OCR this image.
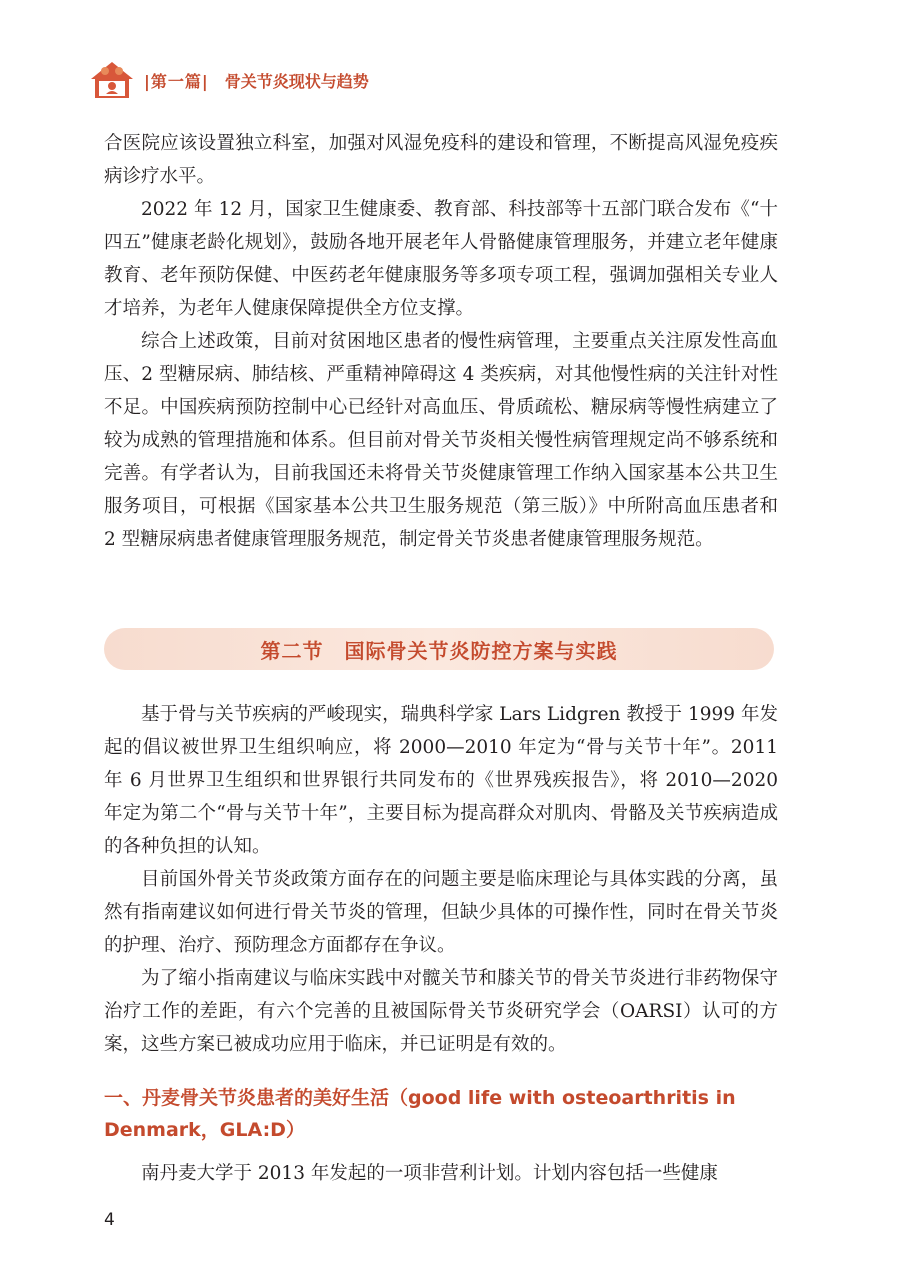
|第一篇| 骨关节炎现状与趋势

合医院应该设置独立科室，加强对风湿免疫科的建设和管理，不断提高风湿免疫疾病诊疗水平。

2022 年 12 月，国家卫生健康委、教育部、科技部等十五部门联合发布《“十四五”健康老龄化规划》，鼓励各地开展老年人骨骼健康管理服务，并建立老年健康教育、老年预防保健、中医药老年健康服务等多项专项工程，强调加强相关专业人才培养，为老年人健康保障提供全方位支撑。

综合上述政策，目前对贫困地区患者的慢性病管理，主要重点关注原发性高血压、2 型糖尿病、肺结核、严重精神障碍这 4 类疾病，对其他慢性病的关注针对性不足。中国疾病预防控制中心已经针对高血压、骨质疏松、糖尿病等慢性病建立了较为成熟的管理措施和体系。但目前对骨关节炎相关慢性病管理规定尚不够系统和完善。有学者认为，目前我国还未将骨关节炎健康管理工作纳入国家基本公共卫生服务项目，可根据《国家基本公共卫生服务规范（第三版）》中所附高血压患者和 2 型糖尿病患者健康管理服务规范，制定骨关节炎患者健康管理服务规范。

第二节　国际骨关节炎防控方案与实践

基于骨与关节疾病的严峻现实，瑞典科学家 Lars Lidgren 教授于 1999 年发起的倡议被世界卫生组织响应，将 2000—2010 年定为“骨与关节十年”。2011 年 6 月世界卫生组织和世界银行共同发布的《世界残疾报告》，将 2010—2020 年定为第二个“骨与关节十年”，主要目标为提高群众对肌肉、骨骼及关节疾病造成的各种负担的认知。

目前国外骨关节炎政策方面存在的问题主要是临床理论与具体实践的分离，虽然有指南建议如何进行骨关节炎的管理，但缺少具体的可操作性，同时在骨关节炎的护理、治疗、预防理念方面都存在争议。

为了缩小指南建议与临床实践中对髋关节和膝关节的骨关节炎进行非药物保守治疗工作的差距，有六个完善的且被国际骨关节炎研究学会（OARSI）认可的方案，这些方案已被成功应用于临床，并已证明是有效的。

一、丹麦骨关节炎患者的美好生活（good life with osteoarthritis in Denmark，GLA:D）

南丹麦大学于 2013 年发起的一项非营利计划。计划内容包括一些健康

4
